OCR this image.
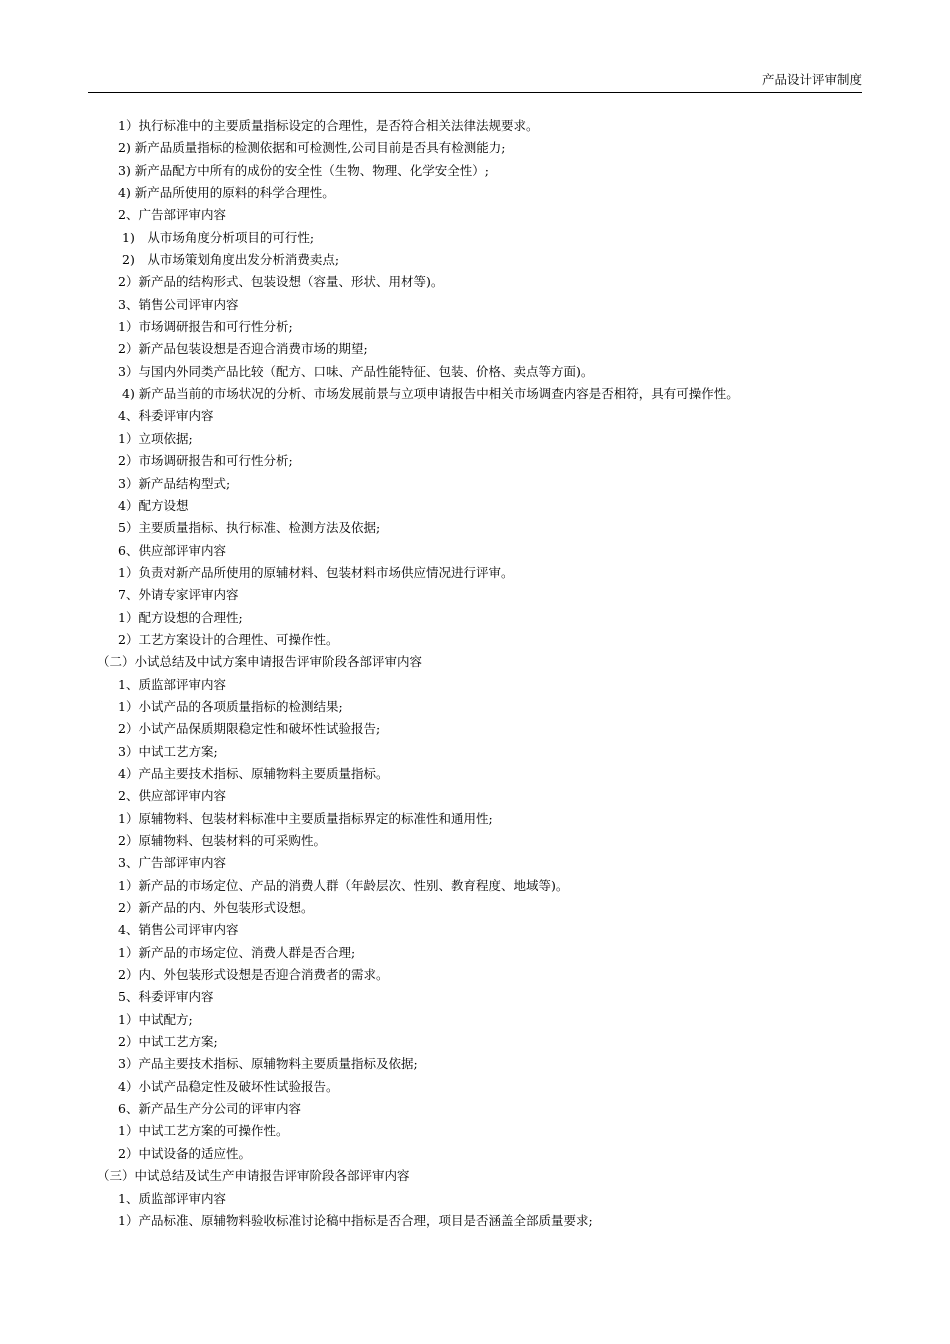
产品设计评审制度
1）执行标准中的主要质量指标设定的合理性，是否符合相关法律法规要求。
2) 新产品质量指标的检测依据和可检测性,公司目前是否具有检测能力;
3) 新产品配方中所有的成份的安全性（生物、物理、化学安全性）;
4) 新产品所使用的原料的科学合理性。
2、广告部评审内容
1)　从市场角度分析项目的可行性;
2)　从市场策划角度出发分析消费卖点;
2）新产品的结构形式、包装设想（容量、形状、用材等)。
3、销售公司评审内容
1）市场调研报告和可行性分析;
2）新产品包装设想是否迎合消费市场的期望;
3）与国内外同类产品比较（配方、口味、产品性能特征、包装、价格、卖点等方面)。
4) 新产品当前的市场状况的分析、市场发展前景与立项申请报告中相关市场调查内容是否相符，具有可操作性。
4、科委评审内容
1）立项依据;
2）市场调研报告和可行性分析;
3）新产品结构型式;
4）配方设想
5）主要质量指标、执行标准、检测方法及依据;
6、供应部评审内容
1）负责对新产品所使用的原辅材料、包装材料市场供应情况进行评审。
7、外请专家评审内容
1）配方设想的合理性;
2）工艺方案设计的合理性、可操作性。
（二）小试总结及中试方案申请报告评审阶段各部评审内容
1、质监部评审内容
1）小试产品的各项质量指标的检测结果;
2）小试产品保质期限稳定性和破坏性试验报告;
3）中试工艺方案;
4）产品主要技术指标、原辅物料主要质量指标。
2、供应部评审内容
1）原辅物料、包装材料标准中主要质量指标界定的标准性和通用性;
2）原辅物料、包装材料的可采购性。
3、广告部评审内容
1）新产品的市场定位、产品的消费人群（年龄层次、性别、教育程度、地域等)。
2）新产品的内、外包装形式设想。
4、销售公司评审内容
1）新产品的市场定位、消费人群是否合理;
2）内、外包装形式设想是否迎合消费者的需求。
5、科委评审内容
1）中试配方;
2）中试工艺方案;
3）产品主要技术指标、原辅物料主要质量指标及依据;
4）小试产品稳定性及破坏性试验报告。
6、新产品生产分公司的评审内容
1）中试工艺方案的可操作性。
2）中试设备的适应性。
（三）中试总结及试生产申请报告评审阶段各部评审内容
1、质监部评审内容
1）产品标准、原辅物料验收标准讨论稿中指标是否合理，项目是否涵盖全部质量要求;
